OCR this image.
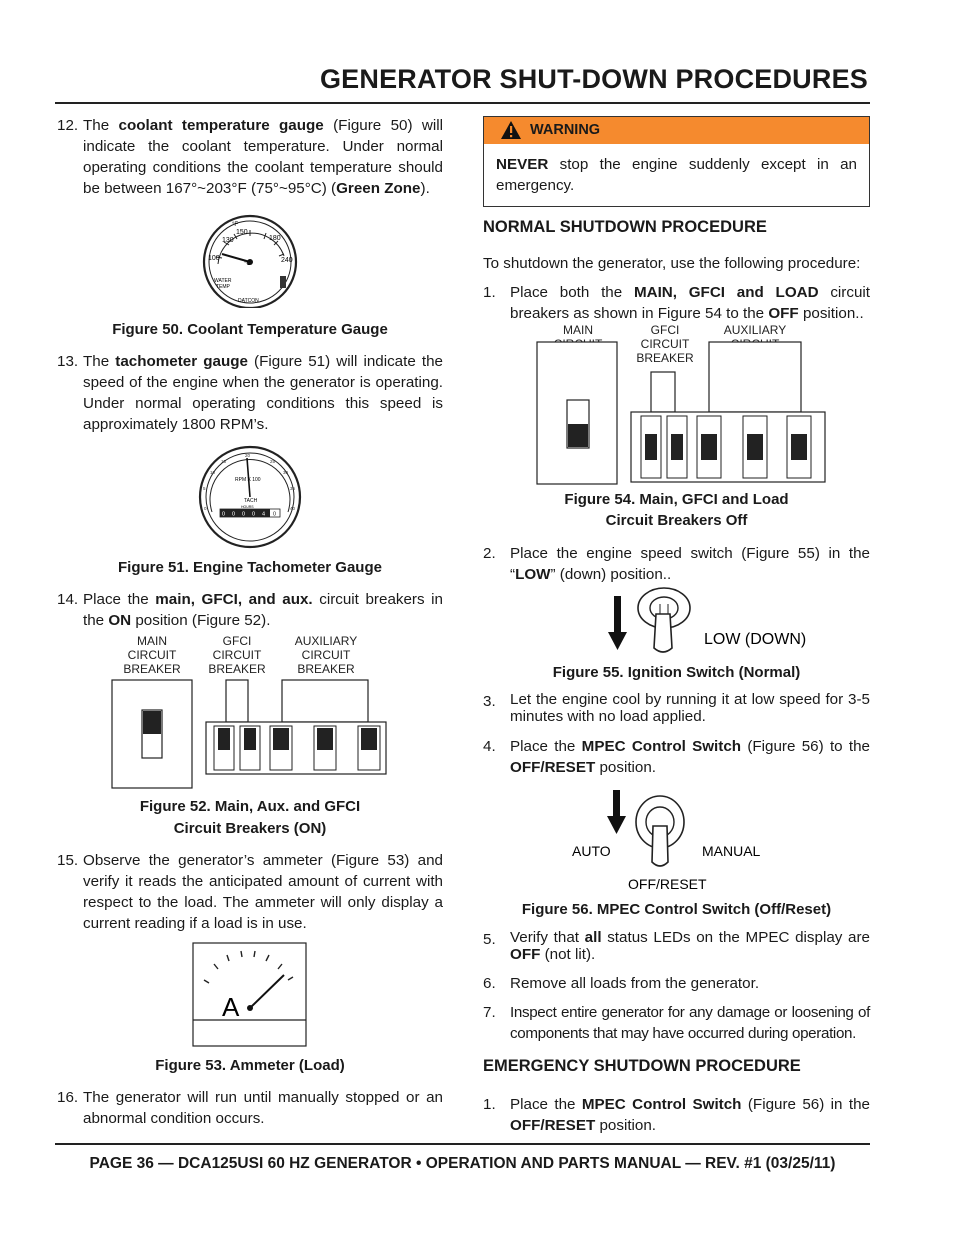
GENERATOR SHUT-DOWN PROCEDURES
12. The coolant temperature gauge (Figure 50) will indicate the coolant temperature. Under normal operating conditions the coolant temperature should be between 167°~203°F (75°~95°C) (Green Zone).
100
130
150
180
240
°F
°C
WATER
TEMP
DATCON
Figure 50. Coolant Temperature Gauge
13. The tachometer gauge (Figure 51) will indicate the speed of the engine when the generator is operating. Under normal operating conditions this speed is approximately 1800 RPM’s.
RPM X 100
TACH
HOURS
0 0 0 0 4 0
0
5
10
15
20
25
30
35
40
Figure 51. Engine Tachometer Gauge
14. Place the main, GFCI, and aux. circuit breakers in the ON position (Figure 52).
MAIN
CIRCUIT
BREAKER
GFCI
CIRCUIT
BREAKER
AUXILIARY
CIRCUIT
BREAKER
Figure 52. Main, Aux. and GFCI
Circuit Breakers (ON)
15. Observe the generator’s ammeter (Figure 53) and verify it reads the anticipated amount of current with respect to the load. The ammeter will only display a current reading if a load is in use.
A
Figure 53. Ammeter (Load)
16. The generator will run until manually stopped or an abnormal condition occurs.
WARNING
NEVER stop the engine suddenly except in an emergency.
NORMAL SHUTDOWN PROCEDURE
To shutdown the generator, use the following procedure:
1. Place both the MAIN, GFCI and LOAD circuit breakers as shown in Figure 54 to the OFF position..
MAIN	GFCI
CIRCUIT
BREAKER
AUXILIARY
Figure 54. Main, GFCI and Load
Circuit Breakers Off
2. Place the engine speed switch (Figure 55) in the “LOW” (down) position..
LOW (DOWN)
Figure 55. Ignition Switch (Normal)
3. Let the engine cool by running it at low speed for 3-5 minutes with no load applied.
4. Place the MPEC Control Switch (Figure 56) to the OFF/RESET position.
AUTO	MANUAL
OFF/RESET
Figure 56. MPEC Control Switch (Off/Reset)
5. Verify that all status LEDs on the MPEC display are OFF (not lit).
6. Remove all loads from the generator.
7. Inspect entire generator for any damage or loosening of components that may have occurred during operation.
EMERGENCY SHUTDOWN PROCEDURE
1. Place the MPEC Control Switch (Figure 56) in the OFF/RESET position.
PAGE 36 — DCA125USI 60 HZ GENERATOR • OPERATION AND PARTS MANUAL — REV. #1 (03/25/11)
